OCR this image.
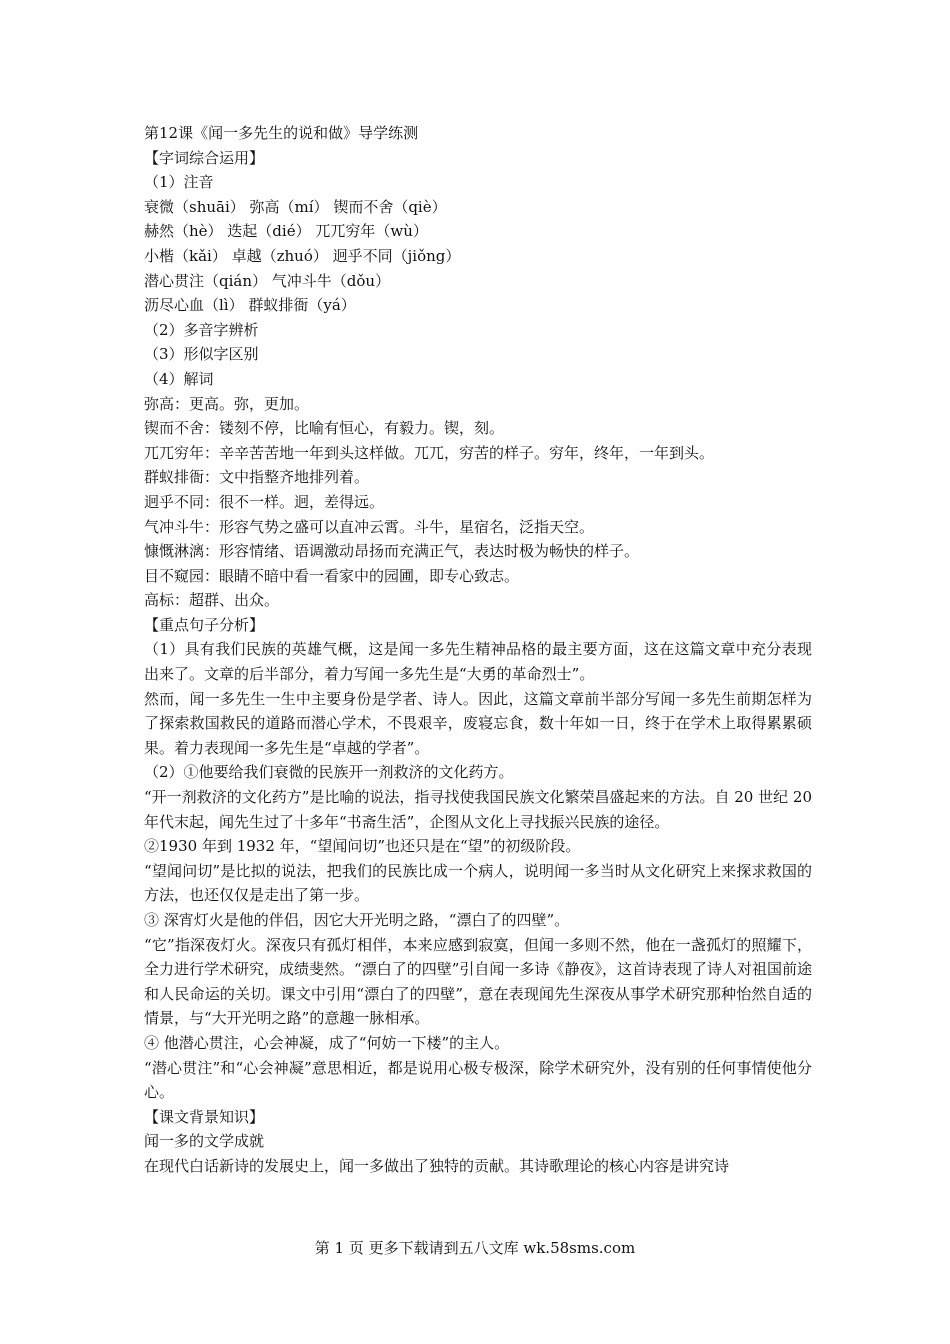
第12课《闻一多先生的说和做》导学练测
【字词综合运用】
（1）注音
衰微（shuāi） 弥高（mí） 锲而不舍（qiè）
赫然（hè） 迭起（dié） 兀兀穷年（wù）
小楷（kǎi） 卓越（zhuó） 迥乎不同（jiǒng）
潜心贯注（qián） 气冲斗牛（dǒu）
沥尽心血（lì） 群蚁排衙（yá）
（2）多音字辨析
（3）形似字区别
（4）解词
弥高：更高。弥，更加。
锲而不舍：镂刻不停，比喻有恒心，有毅力。锲，刻。
兀兀穷年：辛辛苦苦地一年到头这样做。兀兀，穷苦的样子。穷年，终年，一年到头。
群蚁排衙：文中指整齐地排列着。
迥乎不同：很不一样。迥，差得远。
气冲斗牛：形容气势之盛可以直冲云霄。斗牛，星宿名，泛指天空。
慷慨淋漓：形容情绪、语调激动昂扬而充满正气，表达时极为畅快的样子。
目不窥园：眼睛不暗中看一看家中的园圃，即专心致志。
高标：超群、出众。
【重点句子分析】
（1）具有我们民族的英雄气概，这是闻一多先生精神品格的最主要方面，这在这篇文章中充分表现出来了。文章的后半部分，着力写闻一多先生是“大勇的革命烈士”。
然而，闻一多先生一生中主要身份是学者、诗人。因此，这篇文章前半部分写闻一多先生前期怎样为了探索救国救民的道路而潜心学术，不畏艰辛，废寝忘食，数十年如一日，终于在学术上取得累累硕果。着力表现闻一多先生是“卓越的学者”。
（2）①他要给我们衰微的民族开一剂救济的文化药方。
“开一剂救济的文化药方”是比喻的说法，指寻找使我国民族文化繁荣昌盛起来的方法。自 20 世纪 20 年代末起，闻先生过了十多年“书斋生活”，企图从文化上寻找振兴民族的途径。
②1930 年到 1932 年，“望闻问切”也还只是在“望”的初级阶段。
“望闻问切”是比拟的说法，把我们的民族比成一个病人，说明闻一多当时从文化研究上来探求救国的方法，也还仅仅是走出了第一步。
③ 深宵灯火是他的伴侣，因它大开光明之路，“漂白了的四壁”。
“它”指深夜灯火。深夜只有孤灯相伴，本来应感到寂寞，但闻一多则不然，他在一盏孤灯的照耀下，全力进行学术研究，成绩斐然。“漂白了的四壁”引自闻一多诗《静夜》，这首诗表现了诗人对祖国前途和人民命运的关切。课文中引用“漂白了的四壁”，意在表现闻先生深夜从事学术研究那种怡然自适的情景，与“大开光明之路”的意趣一脉相承。
④ 他潜心贯注，心会神凝，成了“何妨一下楼”的主人。
“潜心贯注”和“心会神凝”意思相近，都是说用心极专极深，除学术研究外，没有别的任何事情使他分心。
【课文背景知识】
闻一多的文学成就
在现代白话新诗的发展史上，闻一多做出了独特的贡献。其诗歌理论的核心内容是讲究诗
第 1 页 更多下载请到五八文库 wk.58sms.com
